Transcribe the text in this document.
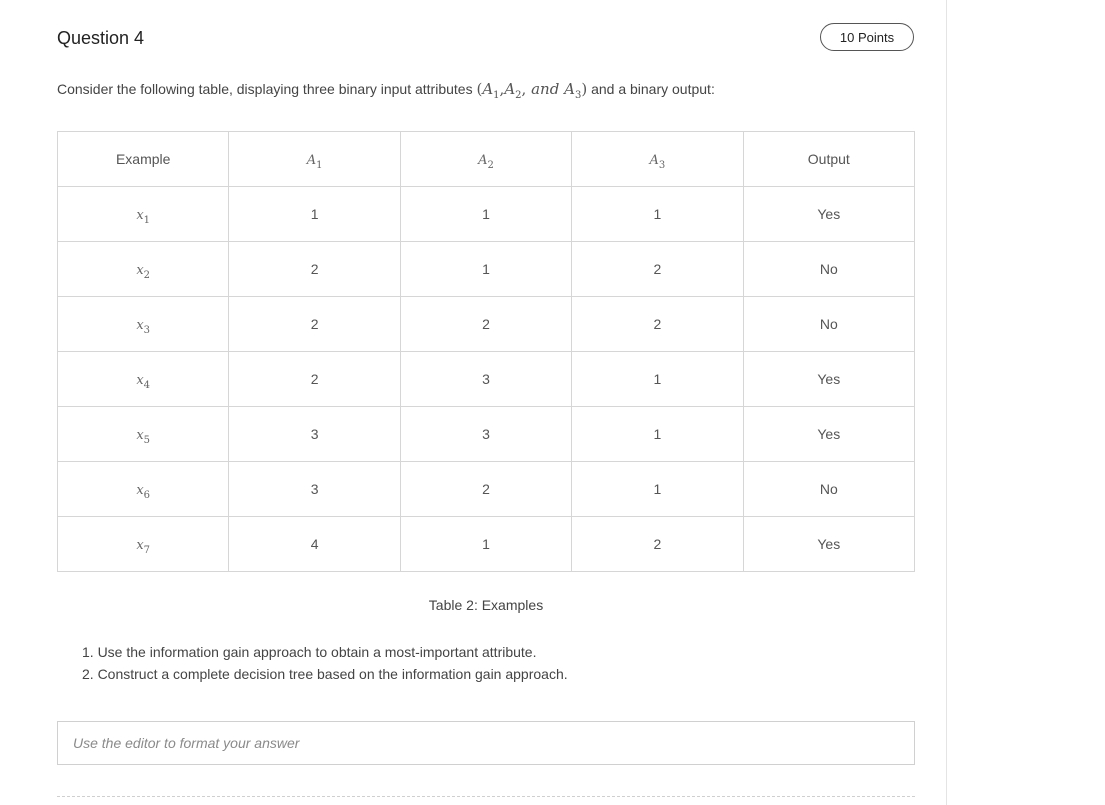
Question 4	10 Points
Consider the following table, displaying three binary input attributes ($A_1,A_2$, and $A_3$) and a binary output:
Example	$A_1$	$A_2$	$A_3$	Output
$x_1$	1	1	1	Yes
$x_2$	2	1	2	No
$x_3$	2	2	2	No
$x_4$	2	3	1	Yes
$x_5$	3	3	1	Yes
$x_6$	3	2	1	No
$x_7$	4	1	2	Yes
Table 2: Examples
1. Use the information gain approach to obtain a most-important attribute.
2. Construct a complete decision tree based on the information gain approach.
Use the editor to format your answer
